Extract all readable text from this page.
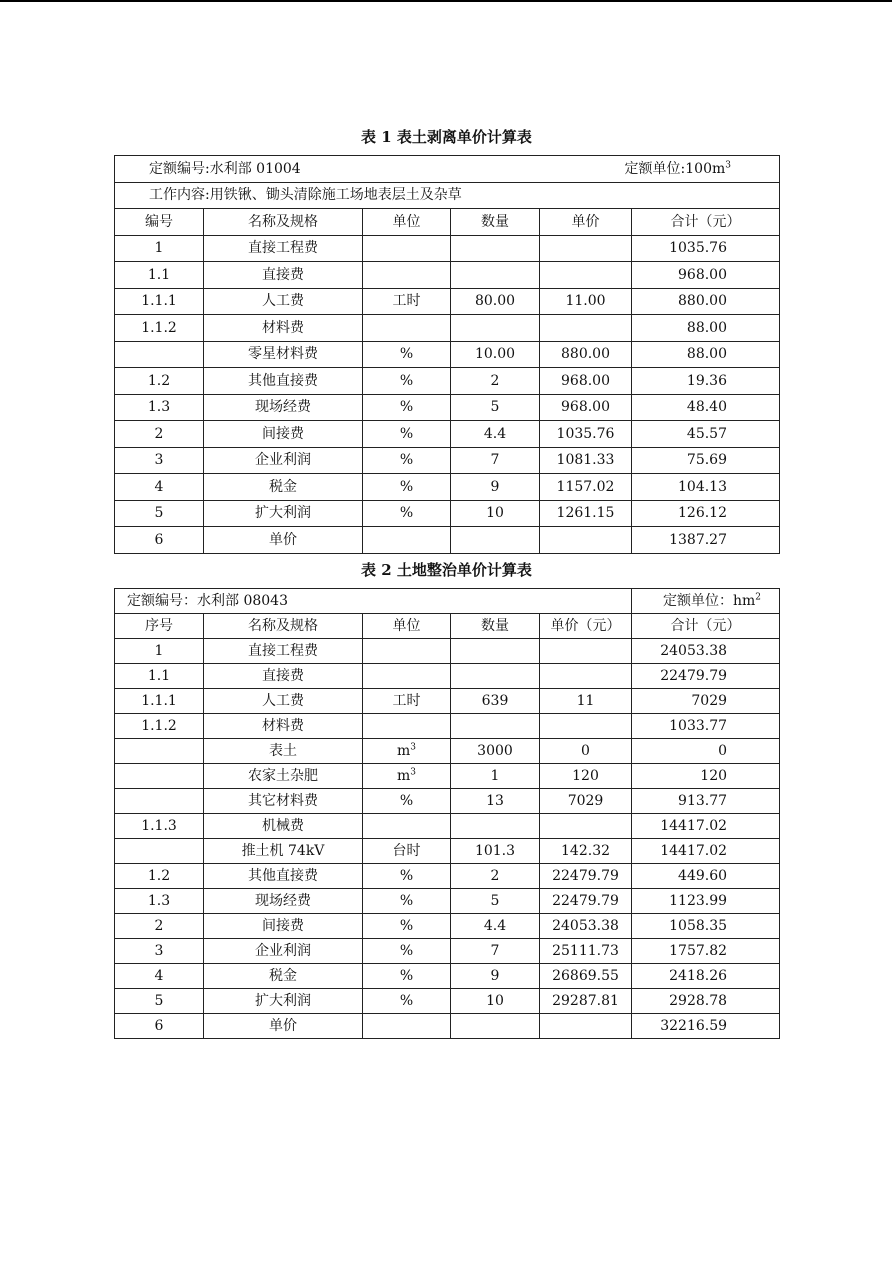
表 1 表土剥离单价计算表
定额编号:水利部 01004 定额单位$:100m^3$

工作内容:用铁锹、锄头清除施工场地表层土及杂草					
编号	名称及规格	单位	数量	单价	合计（元）
1	直接工程费				1035.76
1.1	直接费				968.00
1.1.1	人工费	工时	80.00	11.00	880.00
1.1.2	材料费				88.00
	零星材料费	%	10.00	880.00	88.00
1.2	其他直接费	%	2	968.00	19.36
1.3	现场经费	%	5	968.00	48.40
2	间接费	%	4.4	1035.76	45.57
3	企业利润	%	7	1081.33	75.69
4	税金	%	9	1157.02	104.13
5	扩大利润	%	10	1261.15	126.12
6	单价				1387.27
表 2 土地整治单价计算表
定额编号：水利部 08043					定额单位：$hm^2$
序号	名称及规格	单位	数量	单价（元）	合计（元）
1	直接工程费				24053.38
1.1	直接费				22479.79
1.1.1	人工费	工时	639	11	7029
1.1.2	材料费				1033.77
	表土	$m^3$	3000	0	0
	农家土杂肥	$m^3$	1	120	120
	其它材料费	%	13	7029	913.77
1.1.3	机械费				14417.02
	推土机 74kV	台时	101.3	142.32	14417.02
1.2	其他直接费	%	2	22479.79	449.60
1.3	现场经费	%	5	22479.79	1123.99
2	间接费	%	4.4	24053.38	1058.35
3	企业利润	%	7	25111.73	1757.82
4	税金	%	9	26869.55	2418.26
5	扩大利润	%	10	29287.81	2928.78
6	单价				32216.59
